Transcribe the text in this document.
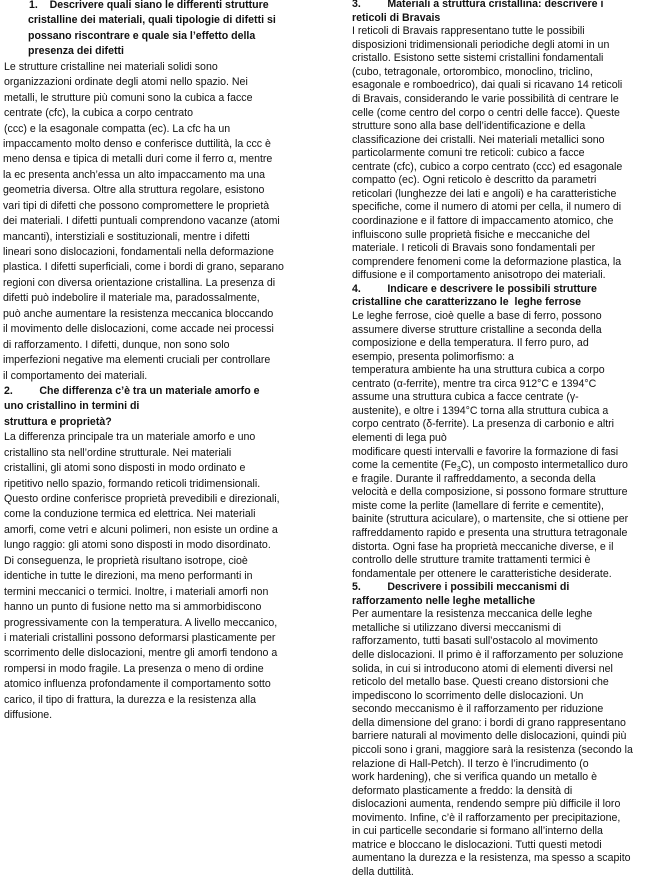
1.    Descrivere quali siano le differenti strutture
cristalline dei materiali, quali tipologie di difetti si
possano riscontrare e quale sia l’effetto della
presenza dei difetti
Le strutture cristalline nei materiali solidi sono
organizzazioni ordinate degli atomi nello spazio. Nei
metalli, le strutture più comuni sono la cubica a facce
centrate (cfc), la cubica a corpo centrato
(ccc) e la esagonale compatta (ec). La cfc ha un
impaccamento molto denso e conferisce duttilità, la ccc è
meno densa e tipica di metalli duri come il ferro α, mentre
la ec presenta anch’essa un alto impaccamento ma una
geometria diversa. Oltre alla struttura regolare, esistono
vari tipi di difetti che possono compromettere le proprietà
dei materiali. I difetti puntuali comprendono vacanze (atomi
mancanti), interstiziali e sostituzionali, mentre i difetti
lineari sono dislocazioni, fondamentali nella deformazione
plastica. I difetti superficiali, come i bordi di grano, separano
regioni con diversa orientazione cristallina. La presenza di
difetti può indebolire il materiale ma, paradossalmente,
può anche aumentare la resistenza meccanica bloccando
il movimento delle dislocazioni, come accade nei processi
di rafforzamento. I difetti, dunque, non sono solo
imperfezioni negative ma elementi cruciali per controllare
il comportamento dei materiali.
2.         Che differenza c’è tra un materiale amorfo e
uno cristallino in termini di
struttura e proprietà?
La differenza principale tra un materiale amorfo e uno
cristallino sta nell’ordine strutturale. Nei materiali
cristallini, gli atomi sono disposti in modo ordinato e
ripetitivo nello spazio, formando reticoli tridimensionali.
Questo ordine conferisce proprietà prevedibili e direzionali,
come la conduzione termica ed elettrica. Nei materiali
amorfi, come vetri e alcuni polimeri, non esiste un ordine a
lungo raggio: gli atomi sono disposti in modo disordinato.
Di conseguenza, le proprietà risultano isotrope, cioè
identiche in tutte le direzioni, ma meno performanti in
termini meccanici o termici. Inoltre, i materiali amorfi non
hanno un punto di fusione netto ma si ammorbidiscono
progressivamente con la temperatura. A livello meccanico,
i materiali cristallini possono deformarsi plasticamente per
scorrimento delle dislocazioni, mentre gli amorfi tendono a
rompersi in modo fragile. La presenza o meno di ordine
atomico influenza profondamente il comportamento sotto
carico, il tipo di frattura, la durezza e la resistenza alla
diffusione.
3.         Materiali a struttura cristallina: descrivere i
reticoli di Bravais
I reticoli di Bravais rappresentano tutte le possibili
disposizioni tridimensionali periodiche degli atomi in un
cristallo. Esistono sette sistemi cristallini fondamentali
(cubo, tetragonale, ortorombico, monoclino, triclino,
esagonale e romboedrico), dai quali si ricavano 14 reticoli
di Bravais, considerando le varie possibilità di centrare le
celle (come centro del corpo o centri delle facce). Queste
strutture sono alla base dell’identificazione e della
classificazione dei cristalli. Nei materiali metallici sono
particolarmente comuni tre reticoli: cubico a facce
centrate (cfc), cubico a corpo centrato (ccc) ed esagonale
compatto (ec). Ogni reticolo è descritto da parametri
reticolari (lunghezze dei lati e angoli) e ha caratteristiche
specifiche, come il numero di atomi per cella, il numero di
coordinazione e il fattore di impaccamento atomico, che
influiscono sulle proprietà fisiche e meccaniche del
materiale. I reticoli di Bravais sono fondamentali per
comprendere fenomeni come la deformazione plastica, la
diffusione e il comportamento anisotropo dei materiali.
4.         Indicare e descrivere le possibili strutture
cristalline che caratterizzano le  leghe ferrose
Le leghe ferrose, cioè quelle a base di ferro, possono
assumere diverse strutture cristalline a seconda della
composizione e della temperatura. Il ferro puro, ad
esempio, presenta polimorfismo: a
temperatura ambiente ha una struttura cubica a corpo
centrato (α-ferrite), mentre tra circa 912°C e 1394°C
assume una struttura cubica a facce centrate (γ-
austenite), e oltre i 1394°C torna alla struttura cubica a
corpo centrato (δ-ferrite). La presenza di carbonio e altri
elementi di lega può
modificare questi intervalli e favorire la formazione di fasi
come la cementite $(Fe_3C)$, un composto intermetallico duro
e fragile. Durante il raffreddamento, a seconda della
velocità e della composizione, si possono formare strutture
miste come la perlite (lamellare di ferrite e cementite),
bainite (struttura aciculare), o martensite, che si ottiene per
raffreddamento rapido e presenta una struttura tetragonale
distorta. Ogni fase ha proprietà meccaniche diverse, e il
controllo delle strutture tramite trattamenti termici è
fondamentale per ottenere le caratteristiche desiderate.
5.         Descrivere i possibili meccanismi di
rafforzamento nelle leghe metalliche
Per aumentare la resistenza meccanica delle leghe
metalliche si utilizzano diversi meccanismi di
rafforzamento, tutti basati sull’ostacolo al movimento
delle dislocazioni. Il primo è il rafforzamento per soluzione
solida, in cui si introducono atomi di elementi diversi nel
reticolo del metallo base. Questi creano distorsioni che
impediscono lo scorrimento delle dislocazioni. Un
secondo meccanismo è il rafforzamento per riduzione
della dimensione del grano: i bordi di grano rappresentano
barriere naturali al movimento delle dislocazioni, quindi più
piccoli sono i grani, maggiore sarà la resistenza (secondo la
relazione di Hall-Petch). Il terzo è l’incrudimento (o
work hardening), che si verifica quando un metallo è
deformato plasticamente a freddo: la densità di
dislocazioni aumenta, rendendo sempre più difficile il loro
movimento. Infine, c’è il rafforzamento per precipitazione,
in cui particelle secondarie si formano all’interno della
matrice e bloccano le dislocazioni. Tutti questi metodi
aumentano la durezza e la resistenza, ma spesso a scapito
della duttilità.
